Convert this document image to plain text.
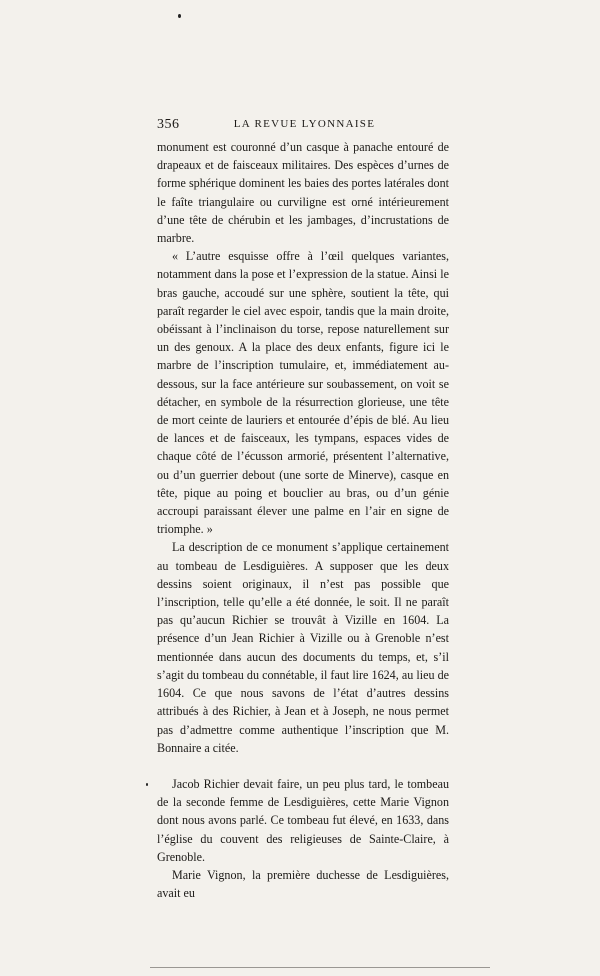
356	LA REVUE LYONNAISE

monument est couronné d’un casque à panache entouré de drapeaux et de faisceaux militaires. Des espèces d’urnes de forme sphérique dominent les baies des portes latérales dont le faîte triangulaire ou curviligne est orné intérieurement d’une tête de chérubin et les jambages, d’incrustations de marbre.

« L’autre esquisse offre à l’œil quelques variantes, notamment dans la pose et l’expression de la statue. Ainsi le bras gauche, accoudé sur une sphère, soutient la tête, qui paraît regarder le ciel avec espoir, tandis que la main droite, obéissant à l’inclinaison du torse, repose naturellement sur un des genoux. A la place des deux enfants, figure ici le marbre de l’inscription tumulaire, et, immédiatement au-dessous, sur la face antérieure sur soubassement, on voit se détacher, en symbole de la résurrection glorieuse, une tête de mort ceinte de lauriers et entourée d’épis de blé. Au lieu de lances et de faisceaux, les tympans, espaces vides de chaque côté de l’écusson armorié, présentent l’alternative, ou d’un guerrier debout (une sorte de Minerve), casque en tête, pique au poing et bouclier au bras, ou d’un génie accroupi paraissant élever une palme en l’air en signe de triomphe. »

La description de ce monument s’applique certainement au tombeau de Lesdiguières. A supposer que les deux dessins soient originaux, il n’est pas possible que l’inscription, telle qu’elle a été donnée, le soit. Il ne paraît pas qu’aucun Richier se trouvât à Vizille en 1604. La présence d’un Jean Richier à Vizille ou à Grenoble n’est mentionnée dans aucun des documents du temps, et, s’il s’agit du tombeau du connétable, il faut lire 1624, au lieu de 1604. Ce que nous savons de l’état d’autres dessins attribués à des Richier, à Jean et à Joseph, ne nous permet pas d’admettre comme authentique l’inscription que M. Bonnaire a citée.

Jacob Richier devait faire, un peu plus tard, le tombeau de la seconde femme de Lesdiguières, cette Marie Vignon dont nous avons parlé. Ce tombeau fut élevé, en 1633, dans l’église du couvent des religieuses de Sainte-Claire, à Grenoble.

Marie Vignon, la première duchesse de Lesdiguières, avait eu
